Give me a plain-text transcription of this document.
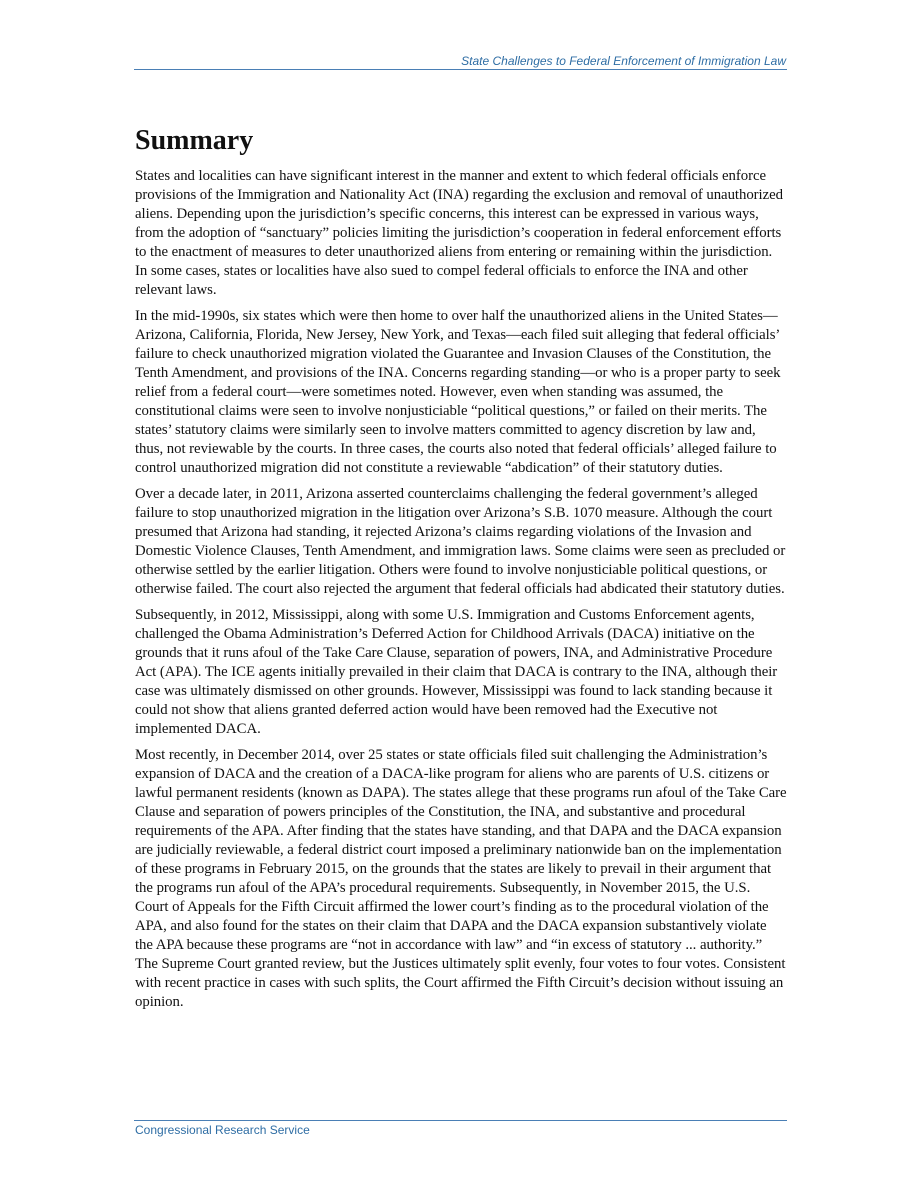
State Challenges to Federal Enforcement of Immigration Law
Summary

States and localities can have significant interest in the manner and extent to which federal officials enforce provisions of the Immigration and Nationality Act (INA) regarding the exclusion and removal of unauthorized aliens. Depending upon the jurisdiction’s specific concerns, this interest can be expressed in various ways, from the adoption of “sanctuary” policies limiting the jurisdiction’s cooperation in federal enforcement efforts to the enactment of measures to deter unauthorized aliens from entering or remaining within the jurisdiction. In some cases, states or localities have also sued to compel federal officials to enforce the INA and other relevant laws.

In the mid-1990s, six states which were then home to over half the unauthorized aliens in the United States—Arizona, California, Florida, New Jersey, New York, and Texas—each filed suit alleging that federal officials’ failure to check unauthorized migration violated the Guarantee and Invasion Clauses of the Constitution, the Tenth Amendment, and provisions of the INA. Concerns regarding standing—or who is a proper party to seek relief from a federal court—were sometimes noted. However, even when standing was assumed, the constitutional claims were seen to involve nonjusticiable “political questions,” or failed on their merits. The states’ statutory claims were similarly seen to involve matters committed to agency discretion by law and, thus, not reviewable by the courts. In three cases, the courts also noted that federal officials’ alleged failure to control unauthorized migration did not constitute a reviewable “abdication” of their statutory duties.

Over a decade later, in 2011, Arizona asserted counterclaims challenging the federal government’s alleged failure to stop unauthorized migration in the litigation over Arizona’s S.B. 1070 measure. Although the court presumed that Arizona had standing, it rejected Arizona’s claims regarding violations of the Invasion and Domestic Violence Clauses, Tenth Amendment, and immigration laws. Some claims were seen as precluded or otherwise settled by the earlier litigation. Others were found to involve nonjusticiable political questions, or otherwise failed. The court also rejected the argument that federal officials had abdicated their statutory duties.

Subsequently, in 2012, Mississippi, along with some U.S. Immigration and Customs Enforcement agents, challenged the Obama Administration’s Deferred Action for Childhood Arrivals (DACA) initiative on the grounds that it runs afoul of the Take Care Clause, separation of powers, INA, and Administrative Procedure Act (APA). The ICE agents initially prevailed in their claim that DACA is contrary to the INA, although their case was ultimately dismissed on other grounds. However, Mississippi was found to lack standing because it could not show that aliens granted deferred action would have been removed had the Executive not implemented DACA.

Most recently, in December 2014, over 25 states or state officials filed suit challenging the Administration’s expansion of DACA and the creation of a DACA-like program for aliens who are parents of U.S. citizens or lawful permanent residents (known as DAPA). The states allege that these programs run afoul of the Take Care Clause and separation of powers principles of the Constitution, the INA, and substantive and procedural requirements of the APA. After finding that the states have standing, and that DAPA and the DACA expansion are judicially reviewable, a federal district court imposed a preliminary nationwide ban on the implementation of these programs in February 2015, on the grounds that the states are likely to prevail in their argument that the programs run afoul of the APA’s procedural requirements. Subsequently, in November 2015, the U.S. Court of Appeals for the Fifth Circuit affirmed the lower court’s finding as to the procedural violation of the APA, and also found for the states on their claim that DAPA and the DACA expansion substantively violate the APA because these programs are “not in accordance with law” and “in excess of statutory ... authority.” The Supreme Court granted review, but the Justices ultimately split evenly, four votes to four votes. Consistent with recent practice in cases with such splits, the Court affirmed the Fifth Circuit’s decision without issuing an opinion.

Congressional Research Service
